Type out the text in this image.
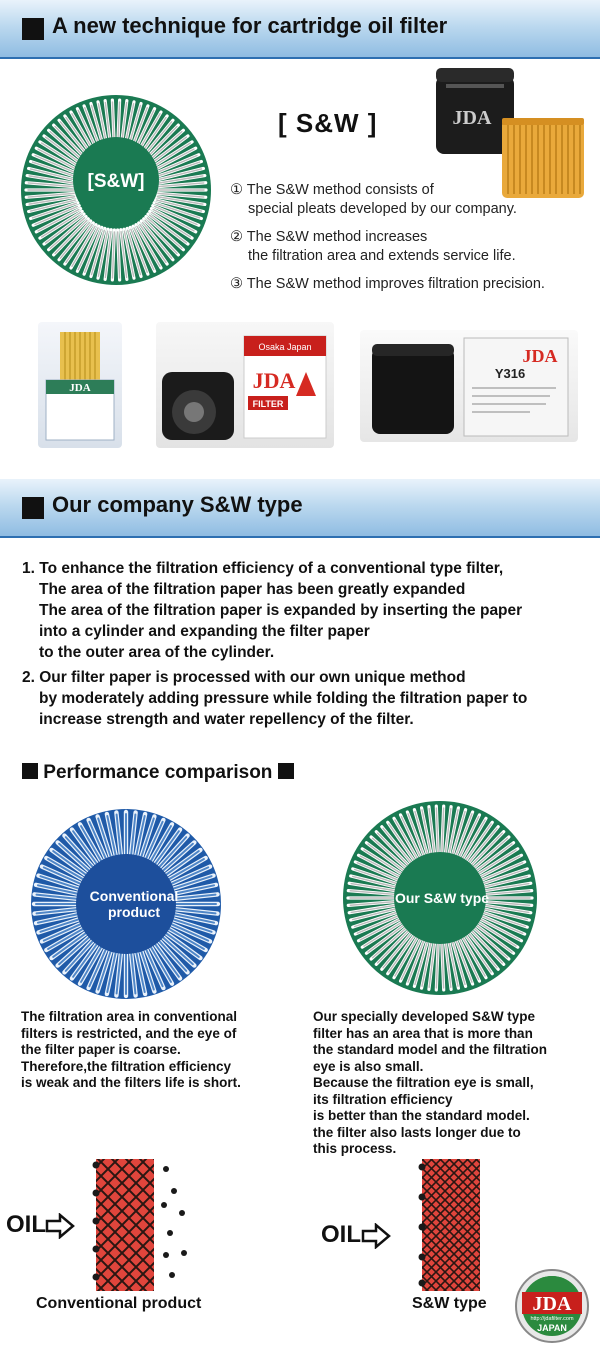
A new technique for cartridge oil filter
[S&W]
[ S&W ]	JDA
① The S&W method consists of
special pleats developed by our company.
② The S&W method increases
the filtration area and extends service life.
③ The S&W method improves filtration precision.
JDA
Osaka Japan
JDA
FILTER
JDA
Y316
Our company S&W type
1. To enhance the filtration efficiency of a conventional type filter,
The area of the filtration paper has been greatly expanded
The area of the filtration paper is expanded by inserting the paper
into a cylinder and expanding the filter paper
to the outer area of the cylinder.
2. Our filter paper is processed with our own unique method
by moderately adding pressure while folding the filtration paper to
increase strength and water repellency of the filter.
Performance comparison
Conventional
product
Our S&W type
The filtration area in conventional
filters is restricted, and the eye of
the filter paper is coarse.
Therefore,the filtration efficiency
is weak and the filters life is short.
Our specially developed S&W type
filter has an area that is more than
the standard model and the filtration
eye is also small.
Because the filtration eye is small,
its filtration efficiency
is better than the standard model.
the filter also lasts longer due to
this process.
OIL	OIL
Conventional product	S&W type JDA
http://jdafilter.com
JAPAN
